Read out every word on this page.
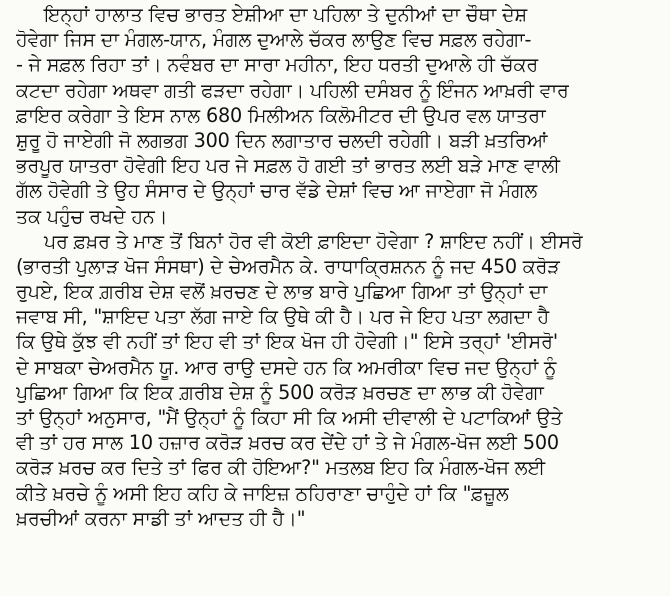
ਇਨ੍ਹਾਂ ਹਾਲਾਤ ਵਿਚ ਭਾਰਤ ਏਸ਼ੀਆ ਦਾ ਪਹਿਲਾ ਤੇ ਦੁਨੀਆਂ ਦਾ ਚੌਥਾ ਦੇਸ਼
ਹੋਵੇਗਾ ਜਿਸ ਦਾ ਮੰਗਲ-ਯਾਨ, ਮੰਗਲ ਦੁਆਲੇ ਚੱਕਰ ਲਾਉਣ ਵਿਚ ਸਫ਼ਲ ਰਹੇਗਾ-
- ਜੇ ਸਫ਼ਲ ਰਿਹਾ ਤਾਂ। ਨਵੰਬਰ ਦਾ ਸਾਰਾ ਮਹੀਨਾ, ਇਹ ਧਰਤੀ ਦੁਆਲੇ ਹੀ ਚੱਕਰ
ਕਟਦਾ ਰਹੇਗਾ ਅਥਵਾ ਗਤੀ ਫੜਦਾ ਰਹੇਗਾ। ਪਹਿਲੀ ਦਸੰਬਰ ਨੂੰ ਇੰਜਨ ਆਖ਼ਰੀ ਵਾਰ
ਫ਼ਾਇਰ ਕਰੇਗਾ ਤੇ ਇਸ ਨਾਲ 680 ਮਿਲੀਅਨ ਕਿਲੋਮੀਟਰ ਦੀ ਉਪਰ ਵਲ ਯਾਤਰਾ
ਸ਼ੁਰੂ ਹੋ ਜਾਏਗੀ ਜੋ ਲਗਭਗ 300 ਦਿਨ ਲਗਾਤਾਰ ਚਲਦੀ ਰਹੇਗੀ। ਬੜੀ ਖ਼ਤਰਿਆਂ
ਭਰਪੂਰ ਯਾਤਰਾ ਹੋਵੇਗੀ ਇਹ ਪਰ ਜੇ ਸਫ਼ਲ ਹੋ ਗਈ ਤਾਂ ਭਾਰਤ ਲਈ ਬੜੇ ਮਾਣ ਵਾਲੀ
ਗੱਲ ਹੋਵੇਗੀ ਤੇ ਉਹ ਸੰਸਾਰ ਦੇ ਉਨ੍ਹਾਂ ਚਾਰ ਵੱਡੇ ਦੇਸ਼ਾਂ ਵਿਚ ਆ ਜਾਏਗਾ ਜੋ ਮੰਗਲ
ਤਕ ਪਹੁੰਚ ਰਖਦੇ ਹਨ।
ਪਰ ਫ਼ਖ਼ਰ ਤੇ ਮਾਣ ਤੋਂ ਬਿਨਾਂ ਹੋਰ ਵੀ ਕੋਈ ਫ਼ਾਇਦਾ ਹੋਵੇਗਾ ? ਸ਼ਾਇਦ ਨਹੀਂ। ਈਸਰੋ
(ਭਾਰਤੀ ਪੁਲਾੜ ਖੋਜ ਸੰਸਥਾ) ਦੇ ਚੇਅਰਮੈਨ ਕੇ. ਰਾਧਾਕ੍ਰਿਸ਼ਨਨ ਨੂੰ ਜਦ 450 ਕਰੋੜ
ਰੁਪਏ, ਇਕ ਗ਼ਰੀਬ ਦੇਸ਼ ਵਲੋਂ ਖ਼ਰਚਣ ਦੇ ਲਾਭ ਬਾਰੇ ਪੁਛਿਆ ਗਿਆ ਤਾਂ ਉਨ੍ਹਾਂ ਦਾ
ਜਵਾਬ ਸੀ, "ਸ਼ਾਇਦ ਪਤਾ ਲੱਗ ਜਾਏ ਕਿ ਉਥੇ ਕੀ ਹੈ। ਪਰ ਜੇ ਇਹ ਪਤਾ ਲਗਦਾ ਹੈ
ਕਿ ਉਥੇ ਕੁੱਝ ਵੀ ਨਹੀਂ ਤਾਂ ਇਹ ਵੀ ਤਾਂ ਇਕ ਖੋਜ ਹੀ ਹੋਵੇਗੀ।" ਇਸੇ ਤਰ੍ਹਾਂ 'ਈਸਰੋ'
ਦੇ ਸਾਬਕਾ ਚੇਅਰਮੈਨ ਯੂ. ਆਰ ਰਾਉ ਦਸਦੇ ਹਨ ਕਿ ਅਮਰੀਕਾ ਵਿਚ ਜਦ ਉਨ੍ਹਾਂ ਨੂੰ
ਪੁਛਿਆ ਗਿਆ ਕਿ ਇਕ ਗ਼ਰੀਬ ਦੇਸ਼ ਨੂੰ 500 ਕਰੋੜ ਖ਼ਰਚਣ ਦਾ ਲਾਭ ਕੀ ਹੋਵੇਗਾ
ਤਾਂ ਉਨ੍ਹਾਂ ਅਨੁਸਾਰ, "ਮੈਂ ਉਨ੍ਹਾਂ ਨੂੰ ਕਿਹਾ ਸੀ ਕਿ ਅਸੀ ਦੀਵਾਲੀ ਦੇ ਪਟਾਕਿਆਂ ਉਤੇ
ਵੀ ਤਾਂ ਹਰ ਸਾਲ 10 ਹਜ਼ਾਰ ਕਰੋੜ ਖ਼ਰਚ ਕਰ ਦੇਂਦੇ ਹਾਂ ਤੇ ਜੇ ਮੰਗਲ-ਖੋਜ ਲਈ 500
ਕਰੋੜ ਖ਼ਰਚ ਕਰ ਦਿਤੇ ਤਾਂ ਫਿਰ ਕੀ ਹੋਇਆ?" ਮਤਲਬ ਇਹ ਕਿ ਮੰਗਲ-ਖੋਜ ਲਈ
ਕੀਤੇ ਖ਼ਰਚੇ ਨੂੰ ਅਸੀ ਇਹ ਕਹਿ ਕੇ ਜਾਇਜ਼ ਠਹਿਰਾਣਾ ਚਾਹੁੰਦੇ ਹਾਂ ਕਿ "ਫ਼ਜ਼ੂਲ
ਖ਼ਰਚੀਆਂ ਕਰਨਾ ਸਾਡੀ ਤਾਂ ਆਦਤ ਹੀ ਹੈ।"
